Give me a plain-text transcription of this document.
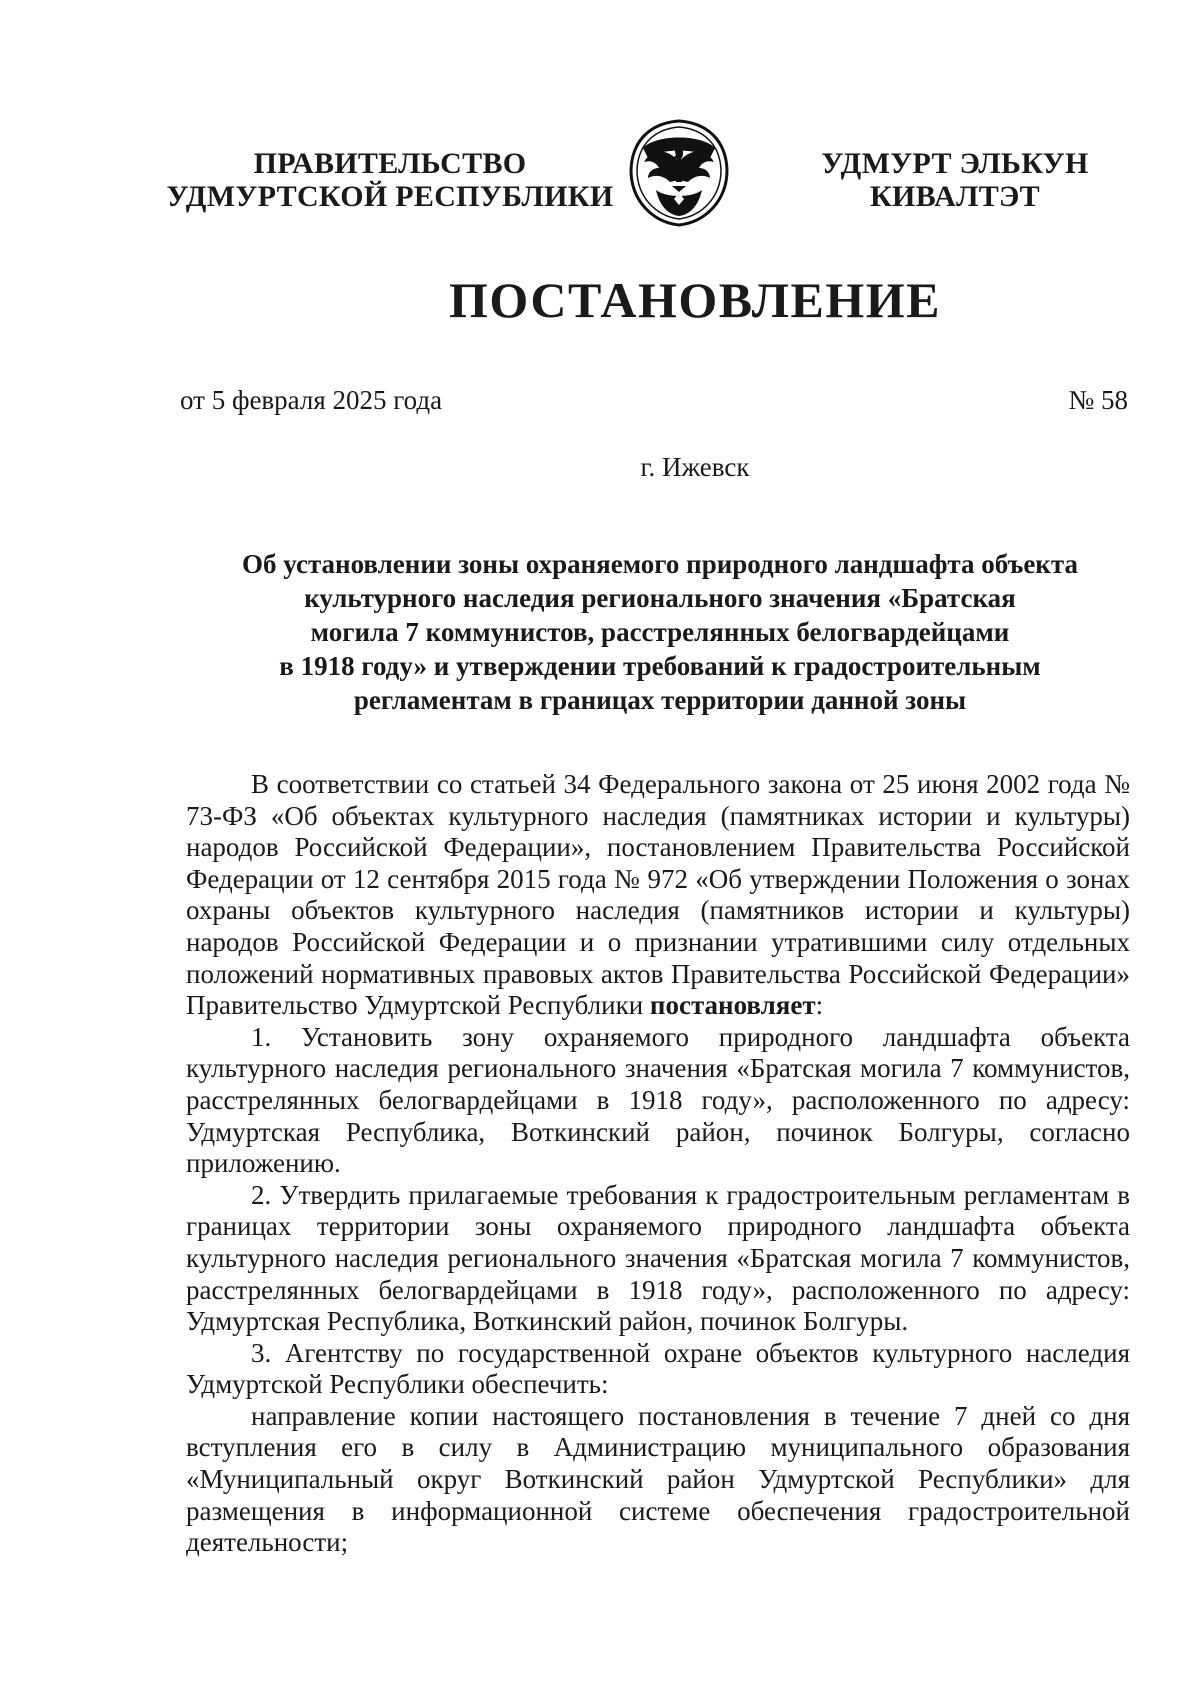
ПРАВИТЕЛЬСТВО
УДМУРТСКОЙ РЕСПУБЛИКИ
УДМУРТ ЭЛЬКУН
КИВАЛТЭТ
ПОСТАНОВЛЕНИЕ
от 5 февраля 2025 года	№ 58
г. Ижевск
Об установлении зоны охраняемого природного ландшафта объекта
культурного наследия регионального значения «Братская
могила 7 коммунистов, расстрелянных белогвардейцами
в 1918 году» и утверждении требований к градостроительным
регламентам в границах территории данной зоны

В соответствии со статьей 34 Федерального закона от 25 июня 2002 года № 73-ФЗ «Об объектах культурного наследия (памятниках истории и культуры) народов Российской Федерации», постановлением Правительства Российской Федерации от 12 сентября 2015 года № 972 «Об утверждении Положения о зонах охраны объектов культурного наследия (памятников истории и культуры) народов Российской Федерации и о признании утратившими силу отдельных положений нормативных правовых актов Правительства Российской Федерации» Правительство Удмуртской Республики постановляет:

1. Установить зону охраняемого природного ландшафта объекта культурного наследия регионального значения «Братская могила 7 коммунистов, расстрелянных белогвардейцами в 1918 году», расположенного по адресу: Удмуртская Республика, Воткинский район, починок Болгуры, согласно приложению.

2. Утвердить прилагаемые требования к градостроительным регламентам в границах территории зоны охраняемого природного ландшафта объекта культурного наследия регионального значения «Братская могила 7 коммунистов, расстрелянных белогвардейцами в 1918 году», расположенного по адресу: Удмуртская Республика, Воткинский район, починок Болгуры.

3. Агентству по государственной охране объектов культурного наследия Удмуртской Республики обеспечить:

направление копии настоящего постановления в течение 7 дней со дня вступления его в силу в Администрацию муниципального образования «Муниципальный округ Воткинский район Удмуртской Республики» для размещения в информационной системе обеспечения градостроительной деятельности;
